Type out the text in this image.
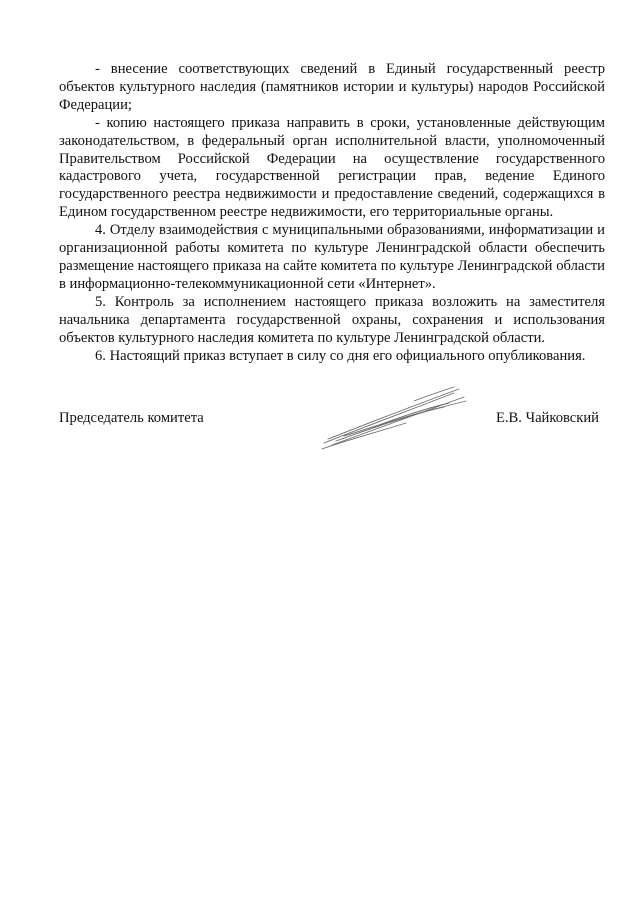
- внесение соответствующих сведений в Единый государственный реестр объектов культурного наследия (памятников истории и культуры) народов Российской Федерации;

- копию настоящего приказа направить в сроки, установленные действующим законодательством, в федеральный орган исполнительной власти, уполномоченный Правительством Российской Федерации на осуществление государственного кадастрового учета, государственной регистрации прав, ведение Единого государственного реестра недвижимости и предоставление сведений, содержащихся в Едином государственном реестре недвижимости, его территориальные органы.

4. Отделу взаимодействия с муниципальными образованиями, информатизации и организационной работы комитета по культуре Ленинградской области обеспечить размещение настоящего приказа на сайте комитета по культуре Ленинградской области в информационно-телекоммуникационной сети «Интернет».

5. Контроль за исполнением настоящего приказа возложить на заместителя начальника департамента государственной охраны, сохранения и использования объектов культурного наследия комитета по культуре Ленинградской области.

6. Настоящий приказ вступает в силу со дня его официального опубликования.

Председатель комитета	Е.В. Чайковский
